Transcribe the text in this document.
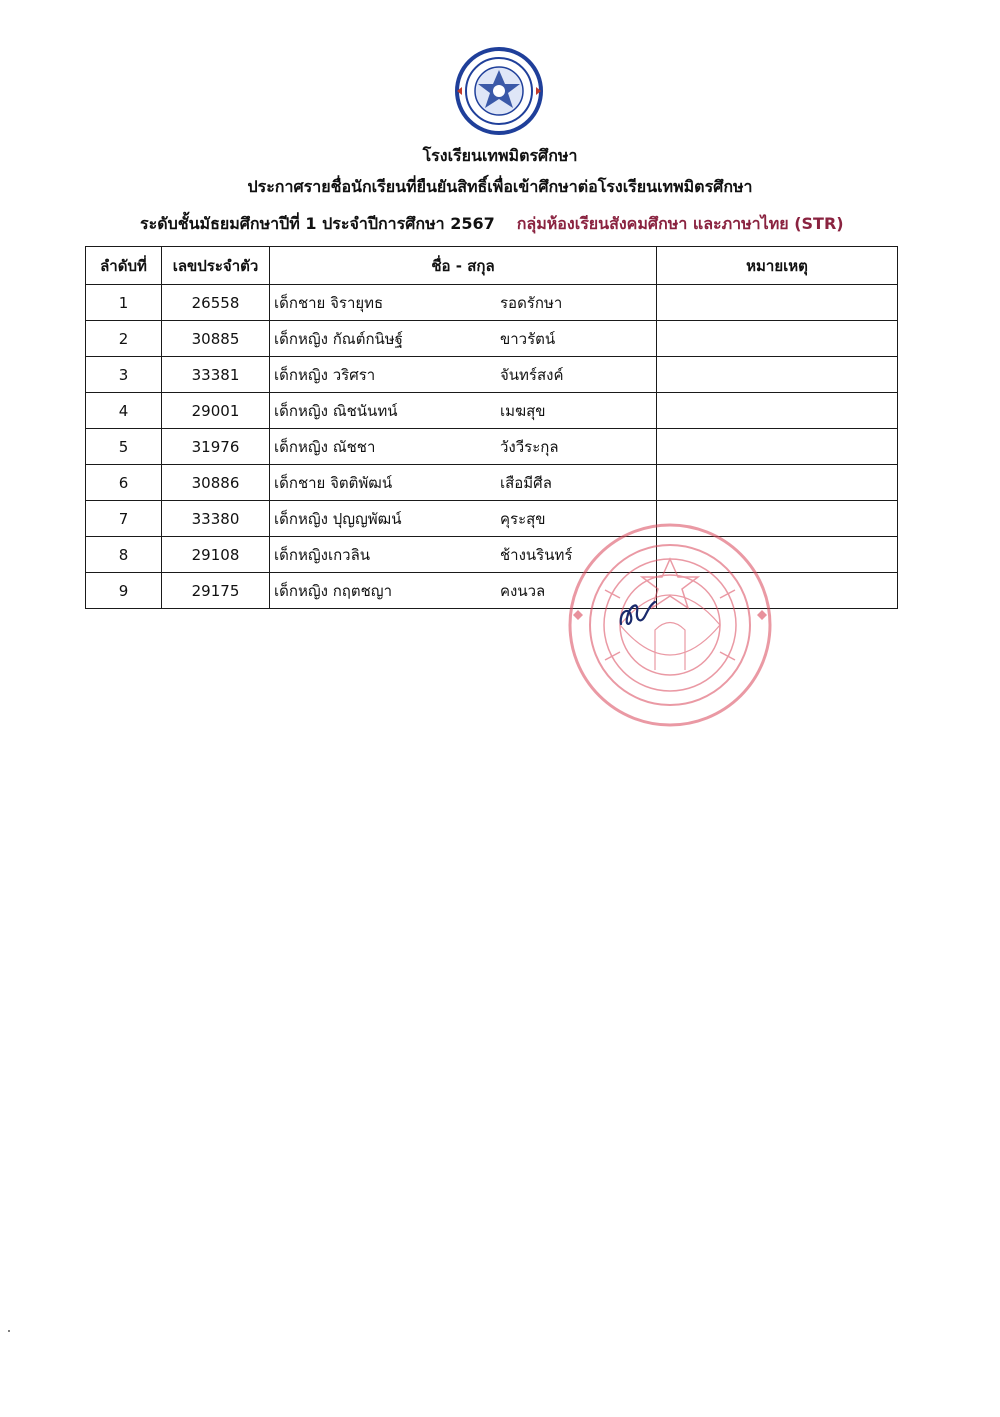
โรงเรียนเทพมิตรศึกษา
ประกาศรายชื่อนักเรียนที่ยืนยันสิทธิ์เพื่อเข้าศึกษาต่อโรงเรียนเทพมิตรศึกษา
ระดับชั้นมัธยมศึกษาปีที่ 1 ประจำปีการศึกษา 2567 กลุ่มห้องเรียนสังคมศึกษา และภาษาไทย (STR)
ลำดับที่	เลขประจำตัว	ชื่อ - สกุล	หมายเหตุ
1	26558	เด็กชาย จิรายุทธ รอดรักษา	

2	30885	เด็กหญิง กัณต์กนิษฐ์ ขาวรัตน์	

3	33381	เด็กหญิง วริศรา จันทร์สงค์	

4	29001	เด็กหญิง ณิชนันทน์ เมฆสุข	

5	31976	เด็กหญิง ณัชชา วังวีระกุล	

6	30886	เด็กชาย จิตติพัฒน์ เสือมีศีล	

7	33380	เด็กหญิง ปุญญพัฒน์ คุระสุข	

8	29108	เด็กหญิงเกวลิน ช้างนรินทร์	

9	29175	เด็กหญิง กฤตชญา คงนวล	
